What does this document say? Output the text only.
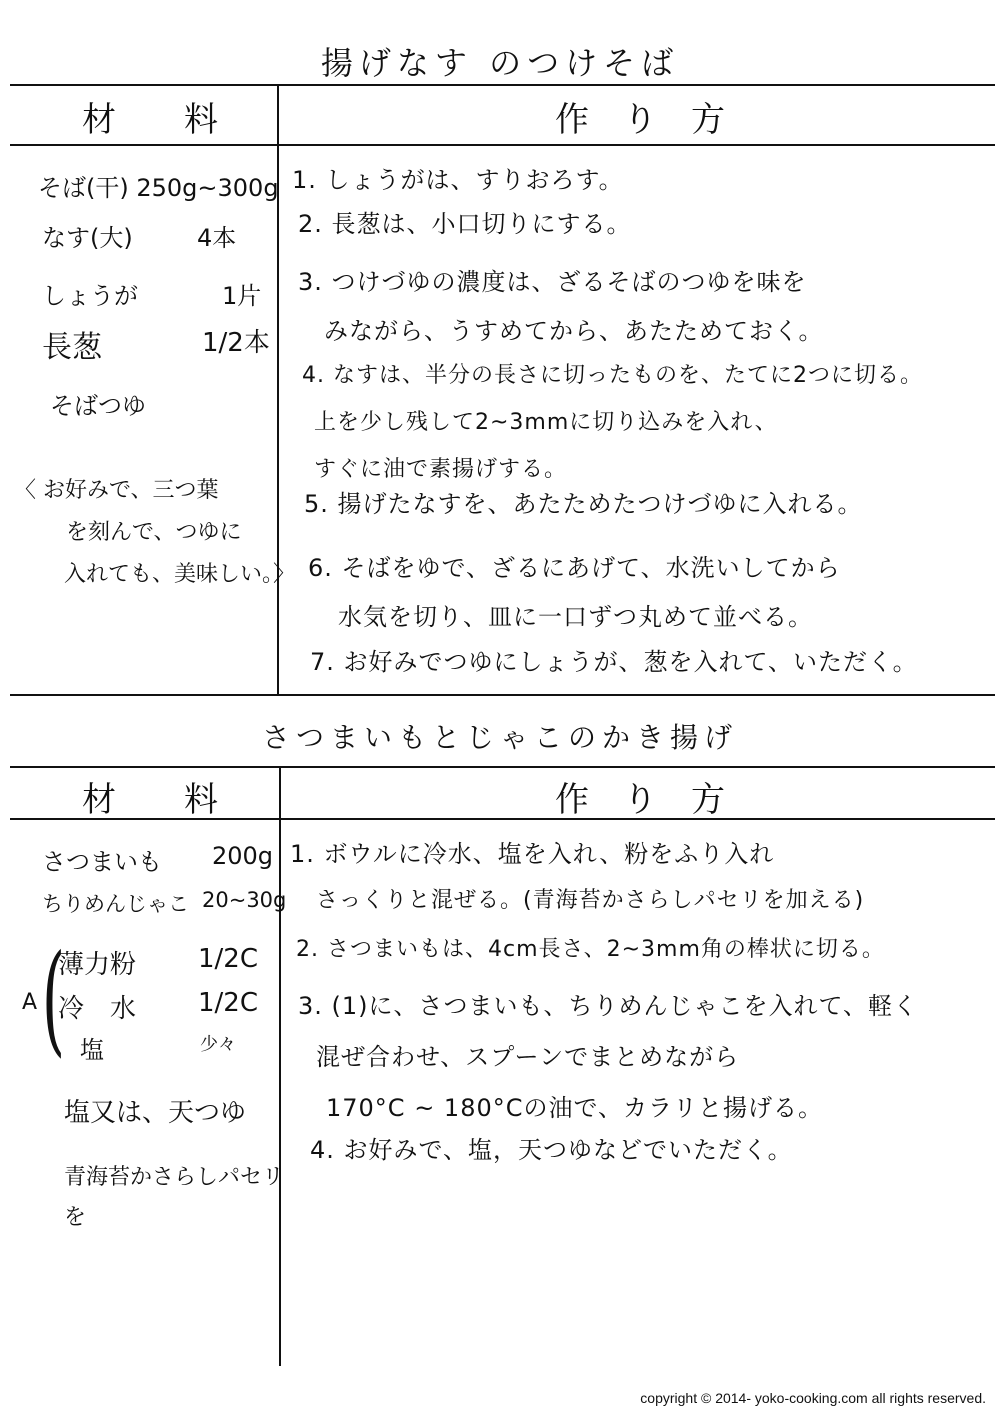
揚げなす のつけそば
材　　料	作　り　方
そば(干) 250g~300g
なす(大)	4本
しょうが	1片
長葱	1/2本
そばつゆ
〈 お好みで、三つ葉
を刻んで、つゆに
入れても、美味しい。〉
1. しょうがは、すりおろす。
2. 長葱は、小口切りにする。
3. つけづゆの濃度は、ざるそばのつゆを味を
みながら、うすめてから、あたためておく。
4. なすは、半分の長さに切ったものを、たてに2つに切る。
上を少し残して2~3mmに切り込みを入れ、
すぐに油で素揚げする。
5. 揚げたなすを、あたためたつけづゆに入れる。
6. そばをゆで、ざるにあげて、水洗いしてから
水気を切り、皿に一口ずつ丸めて並べる。
7. お好みでつゆにしょうが、葱を入れて、いただく。
さつまいもとじゃこのかき揚げ
材　　料	作　り　方
さつまいも 200g
ちりめんじゃこ 20~30g
A (
薄力粉 1/2C
冷　水 1/2C
塩	少々
塩又は、天つゆ
青海苔かさらしパセリ
を
1. ボウルに冷水、塩を入れ、粉をふり入れ
さっくりと混ぜる。(青海苔かさらしパセリを加える)
2. さつまいもは、4cm長さ、2~3mm角の棒状に切る。
3. (1)に、さつまいも、ちりめんじゃこを入れて、軽く
混ぜ合わせ、スプーンでまとめながら
170°C ~ 180°Cの油で、カラリと揚げる。
4. お好みで、塩，天つゆなどでいただく。
copyright © 2014- yoko-cooking.com all rights reserved.
